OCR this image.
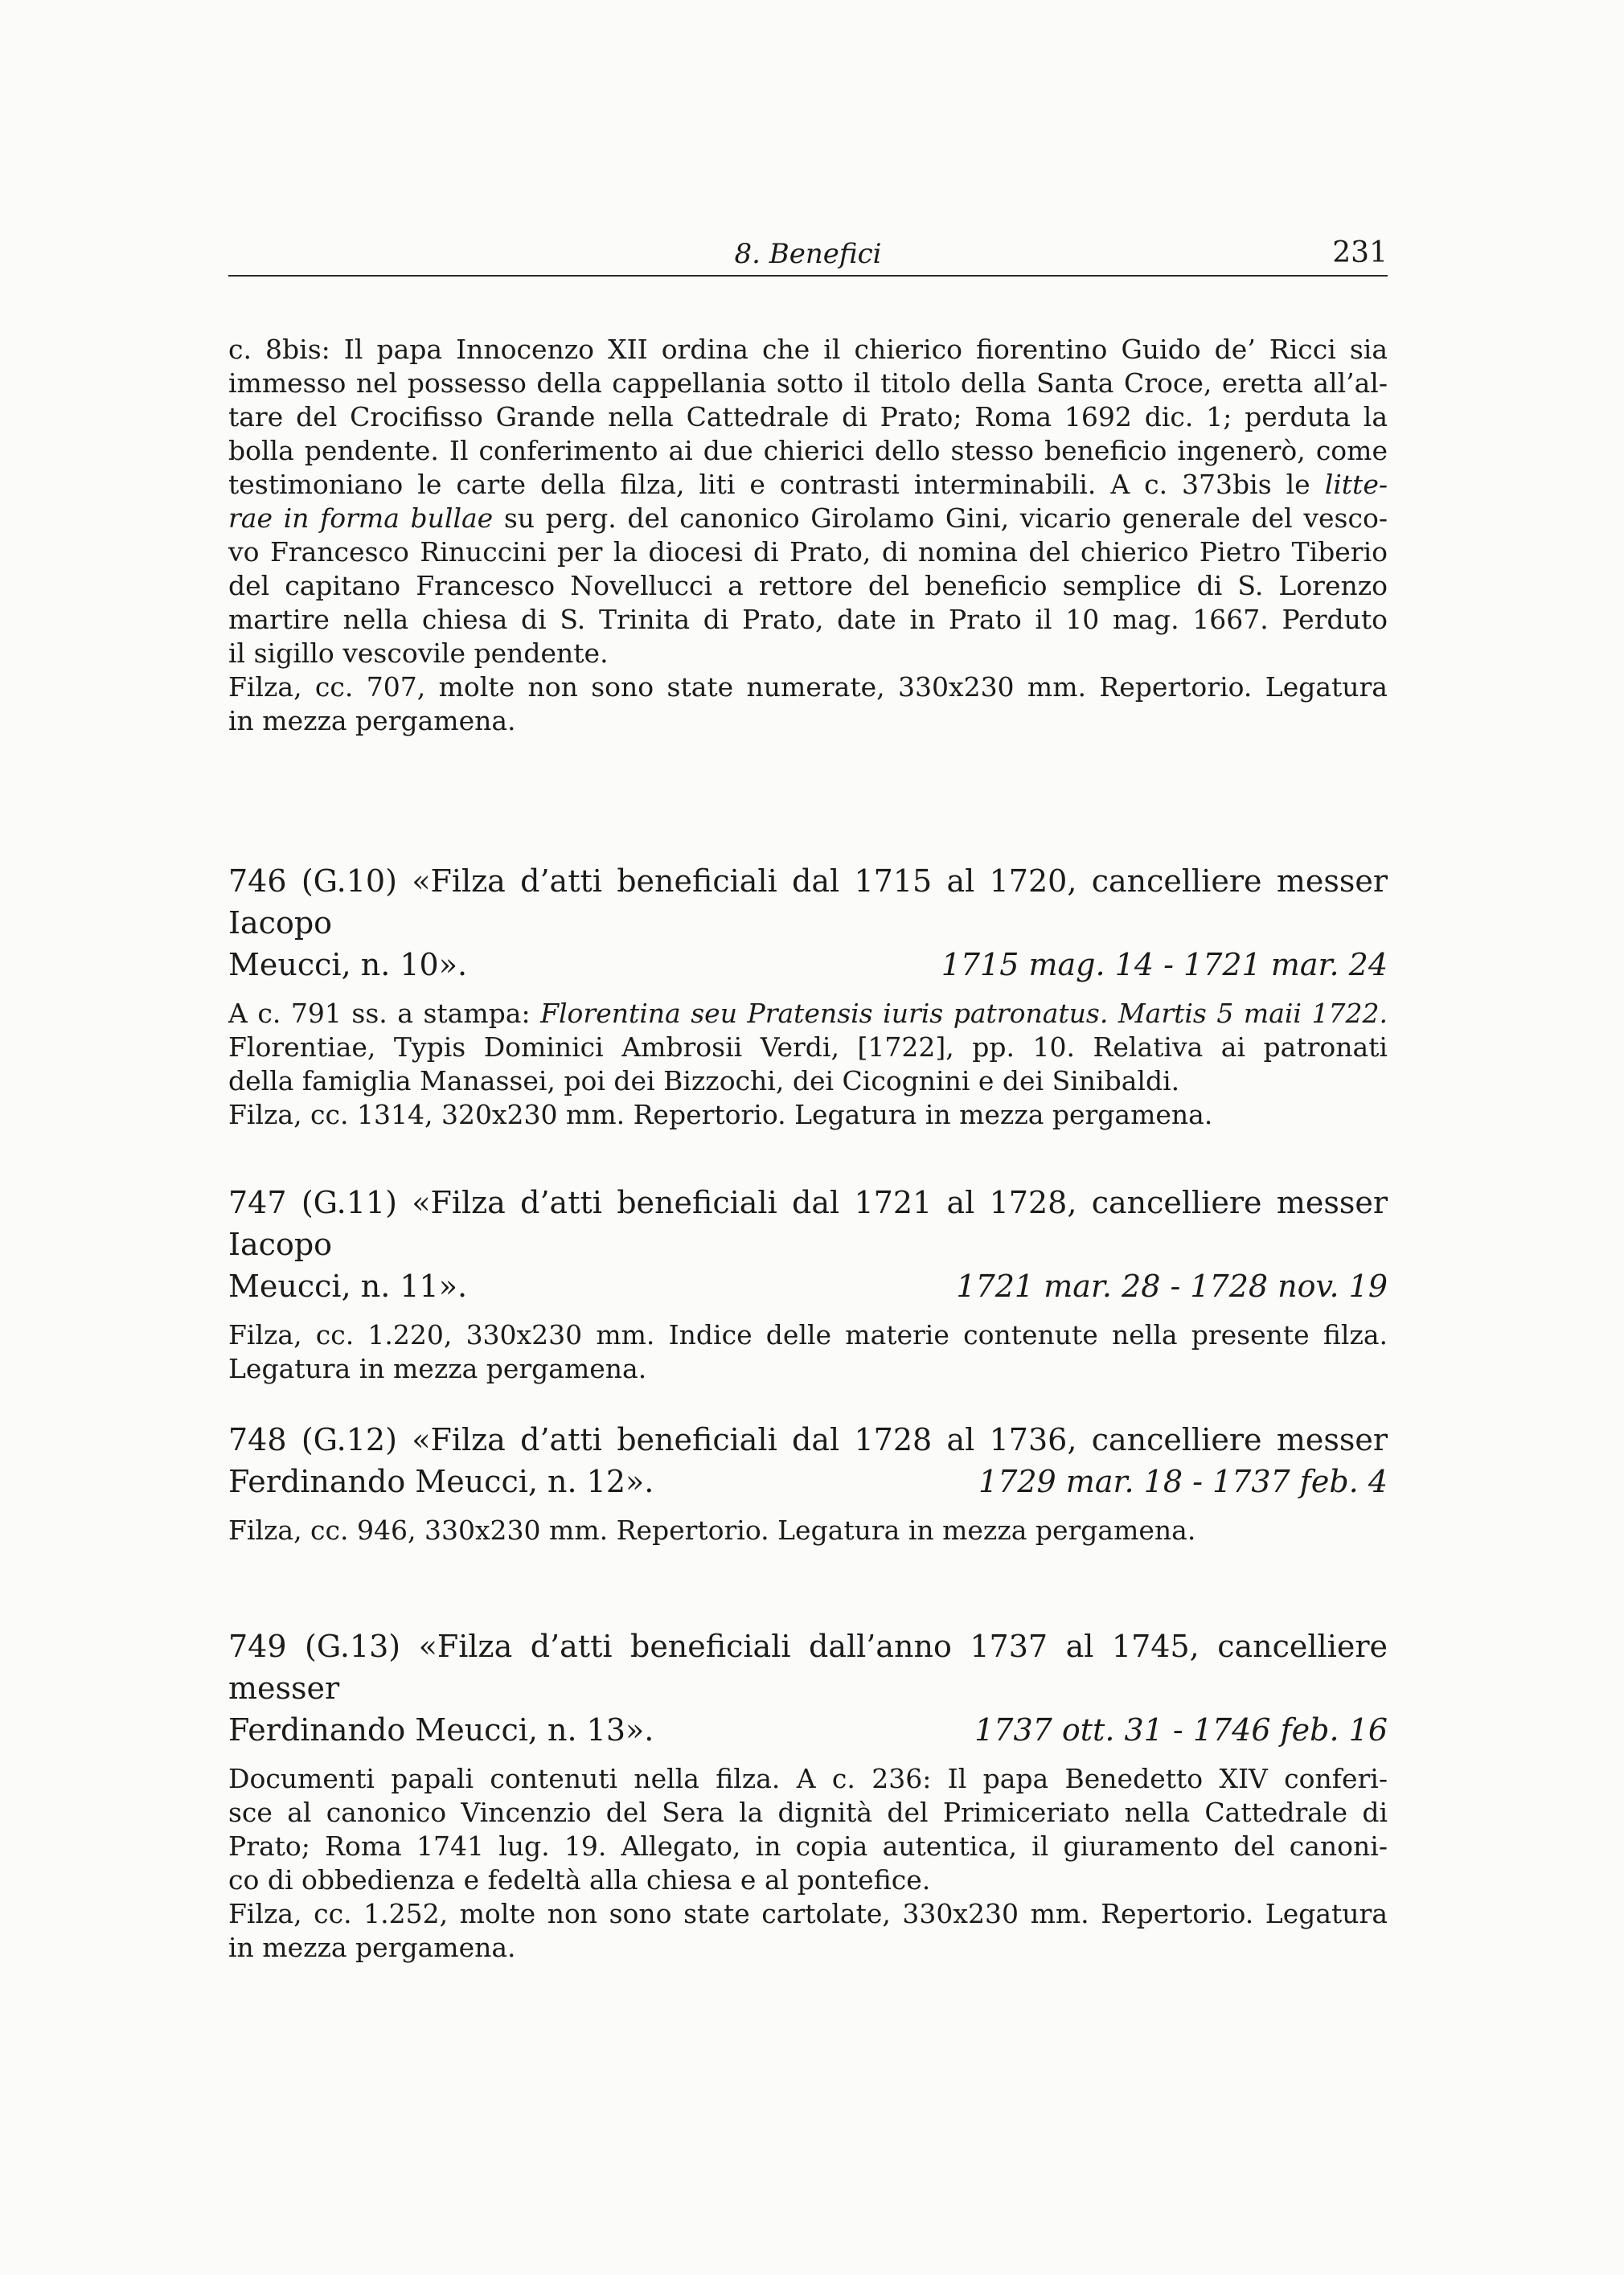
8. Benefici	231

c. 8bis: Il papa Innocenzo XII ordina che il chierico fiorentino Guido de’ Ricci sia
immesso nel possesso della cappellania sotto il titolo della Santa Croce, eretta all’al-
tare del Crocifisso Grande nella Cattedrale di Prato; Roma 1692 dic. 1; perduta la
bolla pendente. Il conferimento ai due chierici dello stesso beneficio ingenerò, come
testimoniano le carte della filza, liti e contrasti interminabili. A c. 373bis le litte-
rae in forma bullae su perg. del canonico Girolamo Gini, vicario generale del vesco-
vo Francesco Rinuccini per la diocesi di Prato, di nomina del chierico Pietro Tiberio
del capitano Francesco Novellucci a rettore del beneficio semplice di S. Lorenzo
martire nella chiesa di S. Trinita di Prato, date in Prato il 10 mag. 1667. Perduto
il sigillo vescovile pendente.
Filza, cc. 707, molte non sono state numerate, 330x230 mm. Repertorio. Legatura
in mezza pergamena.

746 (G.10) «Filza d’atti beneficiali dal 1715 al 1720, cancelliere messer Iacopo
Meucci, n. 10».	1715 mag. 14 - 1721 mar. 24

A c. 791 ss. a stampa: Florentina seu Pratensis iuris patronatus. Martis 5 maii 1722.
Florentiae, Typis Dominici Ambrosii Verdi, [1722], pp. 10. Relativa ai patronati
della famiglia Manassei, poi dei Bizzochi, dei Cicognini e dei Sinibaldi.
Filza, cc. 1314, 320x230 mm. Repertorio. Legatura in mezza pergamena.

747 (G.11) «Filza d’atti beneficiali dal 1721 al 1728, cancelliere messer Iacopo
Meucci, n. 11».	1721 mar. 28 - 1728 nov. 19

Filza, cc. 1.220, 330x230 mm. Indice delle materie contenute nella presente filza.
Legatura in mezza pergamena.

748 (G.12) «Filza d’atti beneficiali dal 1728 al 1736, cancelliere messer
Ferdinando Meucci, n. 12».	1729 mar. 18 - 1737 feb. 4

Filza, cc. 946, 330x230 mm. Repertorio. Legatura in mezza pergamena.

749 (G.13) «Filza d’atti beneficiali dall’anno 1737 al 1745, cancelliere messer
Ferdinando Meucci, n. 13».	1737 ott. 31 - 1746 feb. 16

Documenti papali contenuti nella filza. A c. 236: Il papa Benedetto XIV conferi-
sce al canonico Vincenzio del Sera la dignità del Primiceriato nella Cattedrale di
Prato; Roma 1741 lug. 19. Allegato, in copia autentica, il giuramento del canoni-
co di obbedienza e fedeltà alla chiesa e al pontefice.
Filza, cc. 1.252, molte non sono state cartolate, 330x230 mm. Repertorio. Legatura
in mezza pergamena.
